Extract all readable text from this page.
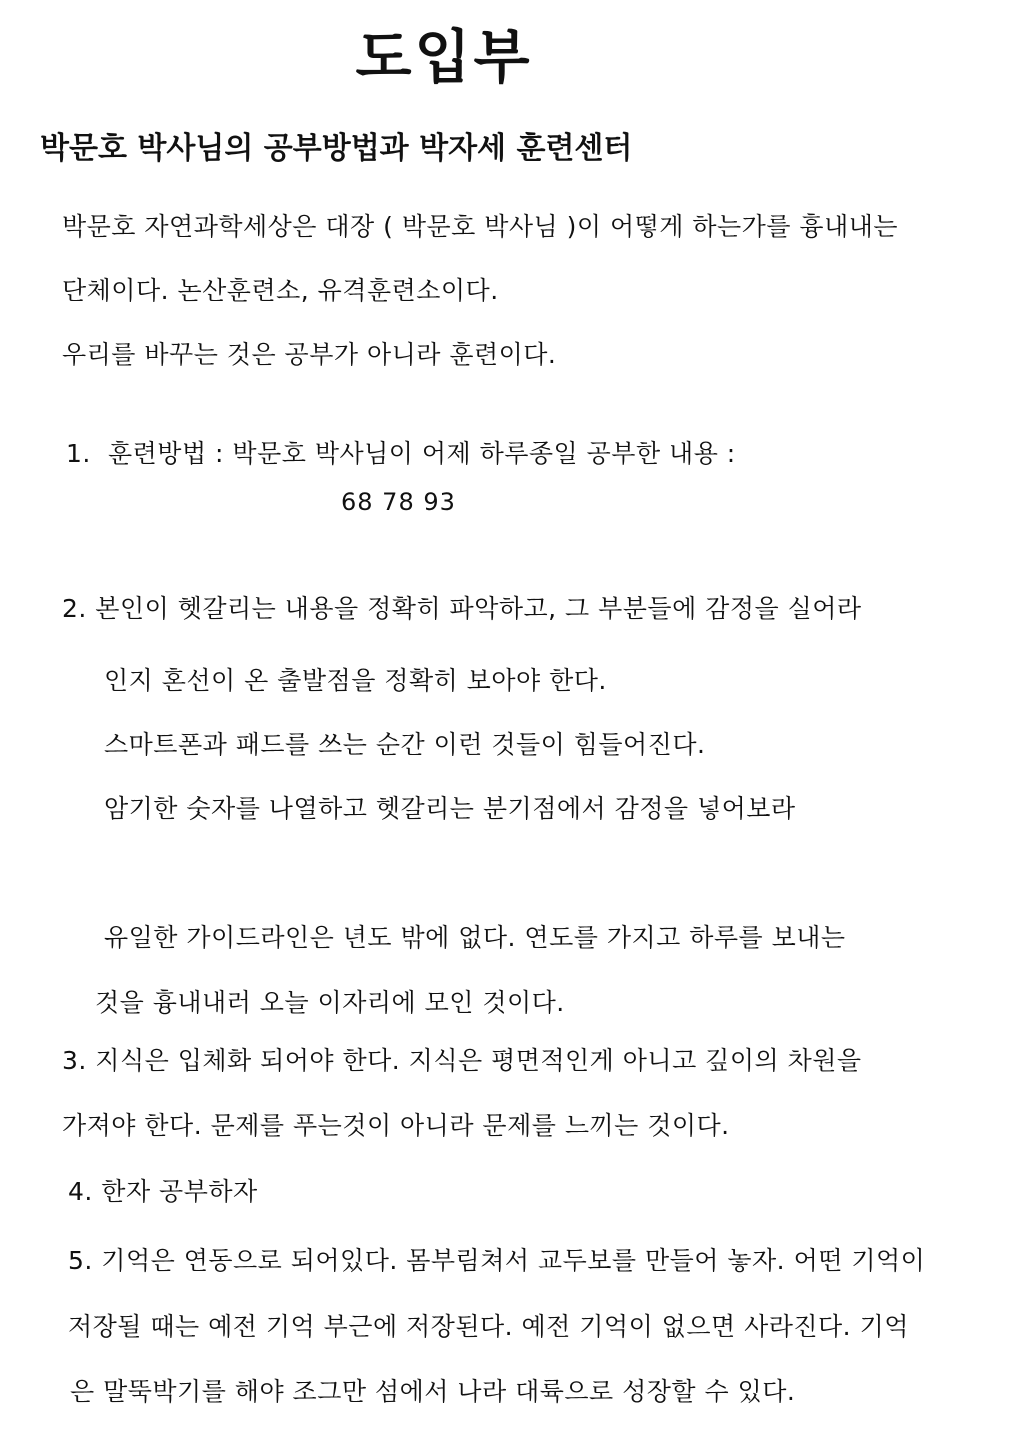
도입부
박문호 박사님의 공부방법과 박자세 훈련센터
박문호 자연과학세상은 대장 ( 박문호 박사님 )이 어떻게 하는가를 흉내내는
단체이다. 논산훈련소, 유격훈련소이다.
우리를 바꾸는 것은 공부가 아니라 훈련이다.
1. 훈련방법 : 박문호 박사님이 어제 하루종일 공부한 내용 :
68 78 93
2. 본인이 헷갈리는 내용을 정확히 파악하고, 그 부분들에 감정을 실어라
인지 혼선이 온 출발점을 정확히 보아야 한다.
스마트폰과 패드를 쓰는 순간 이런 것들이 힘들어진다.
암기한 숫자를 나열하고 헷갈리는 분기점에서 감정을 넣어보라
유일한 가이드라인은 년도 밖에 없다. 연도를 가지고 하루를 보내는
것을 흉내내러 오늘 이자리에 모인 것이다.
3. 지식은 입체화 되어야 한다. 지식은 평면적인게 아니고 깊이의 차원을
가져야 한다. 문제를 푸는것이 아니라 문제를 느끼는 것이다.
4. 한자 공부하자
5. 기억은 연동으로 되어있다. 몸부림쳐서 교두보를 만들어 놓자. 어떤 기억이
저장될 때는 예전 기억 부근에 저장된다. 예전 기억이 없으면 사라진다. 기억
은 말뚝박기를 해야 조그만 섬에서 나라 대륙으로 성장할 수 있다.
